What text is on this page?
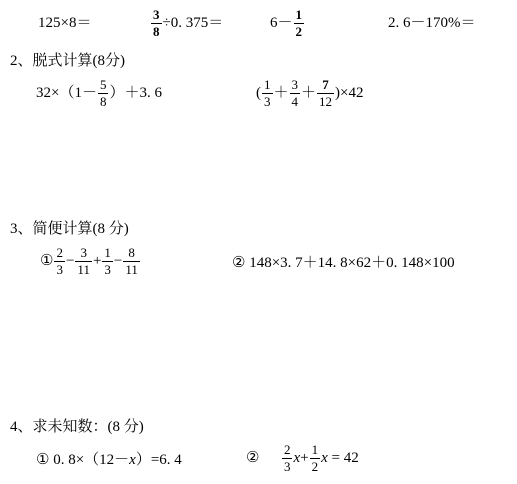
125×8＝	$\frac{3}{8} \div 0$. 375＝	$6- \frac{1}{2}$	2. 6－170%＝
2、脱式计算(8分)
$32\times(1- \frac{5}{8} )+3$. 6	( $\frac{1}{3} + \frac{3}{4} + \frac{7}{12} )\times 42$
3、简便计算(8 分)
① $\frac{2}{3} - \frac{3}{11} + \frac{1}{3} - \frac{8}{11}$	② 148×3. 7＋14. 8×62＋0. 148×100
4、求未知数：(8 分)
① 0. 8×（12－x）=6. 4	② $\frac{2}{3} x+ \frac{1}{2}$ x = 42
